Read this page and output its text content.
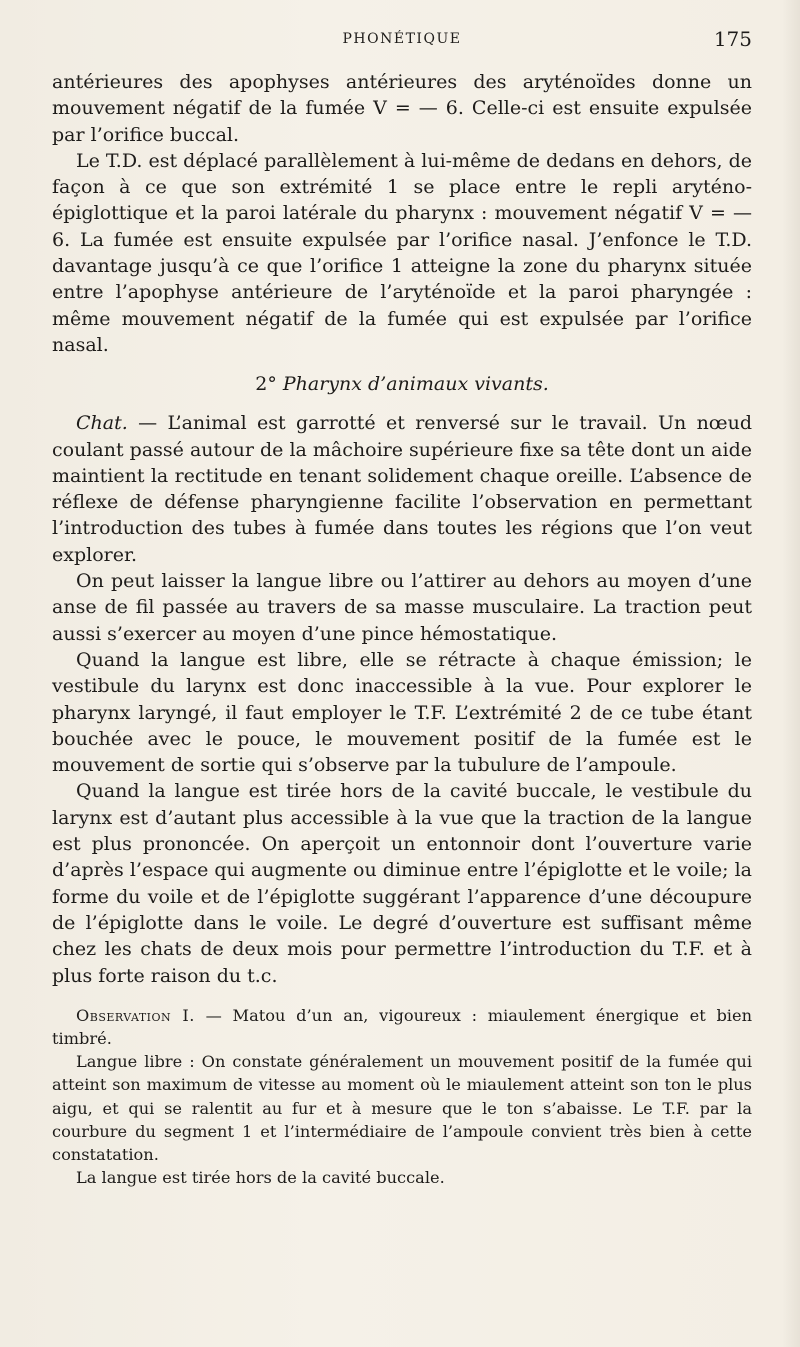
PHONÉTIQUE	175

antérieures des apophyses antérieures des aryténoïdes donne un mouvement négatif de la fumée V = — 6. Celle-ci est ensuite expulsée par l’orifice buccal.

Le T.D. est déplacé parallèlement à lui-même de dedans en dehors, de façon à ce que son extrémité 1 se place entre le repli aryténo-épiglottique et la paroi latérale du pharynx : mouvement négatif V = — 6. La fumée est ensuite expulsée par l’orifice nasal. J’enfonce le T.D. davantage jusqu’à ce que l’orifice 1 atteigne la zone du pharynx située entre l’apophyse antérieure de l’aryténoïde et la paroi pharyngée : même mouvement négatif de la fumée qui est expulsée par l’orifice nasal.

2° Pharynx d’animaux vivants.

Chat. — L’animal est garrotté et renversé sur le travail. Un nœud coulant passé autour de la mâchoire supérieure fixe sa tête dont un aide maintient la rectitude en tenant solidement chaque oreille. L’absence de réflexe de défense pharyngienne facilite l’observation en permettant l’introduction des tubes à fumée dans toutes les régions que l’on veut explorer.

On peut laisser la langue libre ou l’attirer au dehors au moyen d’une anse de fil passée au travers de sa masse musculaire. La traction peut aussi s’exercer au moyen d’une pince hémostatique.

Quand la langue est libre, elle se rétracte à chaque émission; le vestibule du larynx est donc inaccessible à la vue. Pour explorer le pharynx laryngé, il faut employer le T.F. L’extrémité 2 de ce tube étant bouchée avec le pouce, le mouvement positif de la fumée est le mouvement de sortie qui s’observe par la tubulure de l’ampoule.

Quand la langue est tirée hors de la cavité buccale, le vestibule du larynx est d’autant plus accessible à la vue que la traction de la langue est plus prononcée. On aperçoit un entonnoir dont l’ouverture varie d’après l’espace qui augmente ou diminue entre l’épiglotte et le voile; la forme du voile et de l’épiglotte suggérant l’apparence d’une découpure de l’épiglotte dans le voile. Le degré d’ouverture est suffisant même chez les chats de deux mois pour permettre l’introduction du T.F. et à plus forte raison du t.c.

Observation I. — Matou d’un an, vigoureux : miaulement énergique et bien timbré.

Langue libre : On constate généralement un mouvement positif de la fumée qui atteint son maximum de vitesse au moment où le miaulement atteint son ton le plus aigu, et qui se ralentit au fur et à mesure que le ton s’abaisse. Le T.F. par la courbure du segment 1 et l’intermédiaire de l’ampoule convient très bien à cette constatation.

La langue est tirée hors de la cavité buccale.
